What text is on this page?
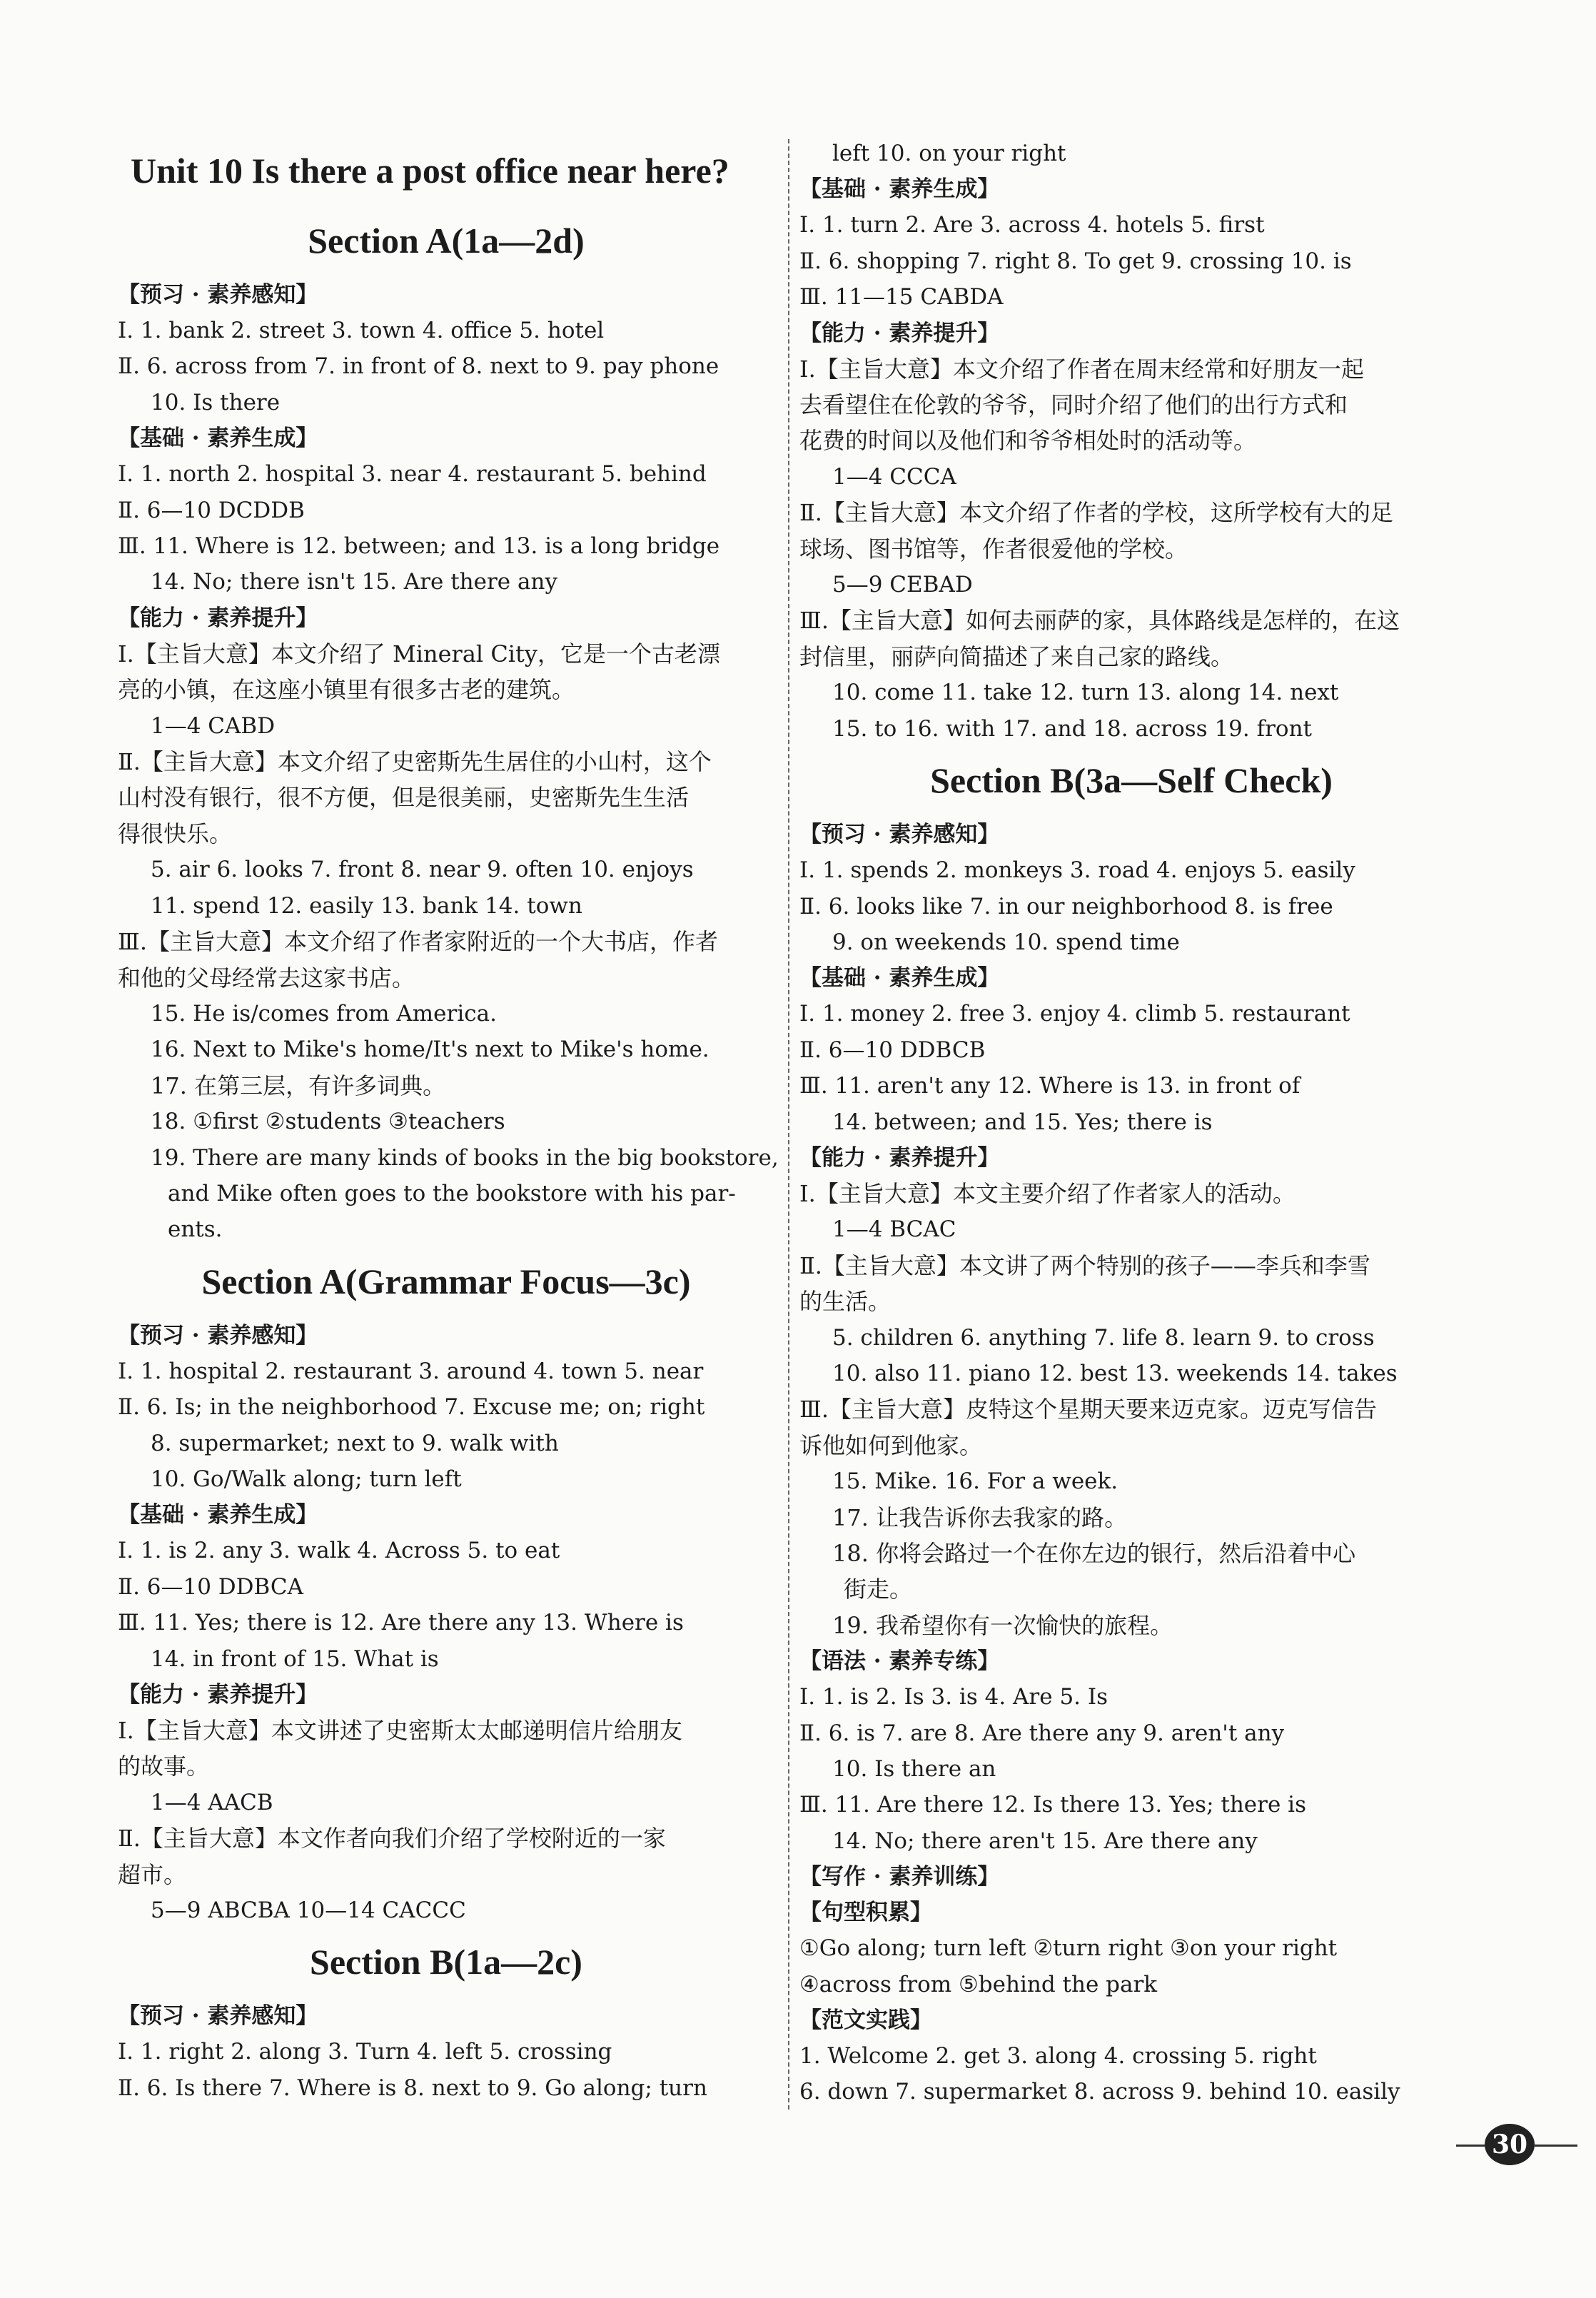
Unit 10 Is there a post office near here?
Section A(1a—2d)
【预习 · 素养感知】
Ⅰ. 1. bank 2. street 3. town 4. office 5. hotel
Ⅱ. 6. across from 7. in front of 8. next to 9. pay phone
10. Is there
【基础 · 素养生成】
Ⅰ. 1. north 2. hospital 3. near 4. restaurant 5. behind
Ⅱ. 6—10 DCDDB
Ⅲ. 11. Where is 12. between; and 13. is a long bridge
14. No; there isn't 15. Are there any
【能力 · 素养提升】
Ⅰ.【主旨大意】本文介绍了 Mineral City，它是一个古老漂
亮的小镇，在这座小镇里有很多古老的建筑。
1—4 CABD
Ⅱ.【主旨大意】本文介绍了史密斯先生居住的小山村，这个
山村没有银行，很不方便，但是很美丽，史密斯先生生活
得很快乐。
5. air 6. looks 7. front 8. near 9. often 10. enjoys
11. spend 12. easily 13. bank 14. town
Ⅲ.【主旨大意】本文介绍了作者家附近的一个大书店，作者
和他的父母经常去这家书店。
15. He is/comes from America.
16. Next to Mike's home/It's next to Mike's home.
17. 在第三层，有许多词典。
18. ①first ②students ③teachers
19. There are many kinds of books in the big bookstore,
and Mike often goes to the bookstore with his par-
ents.
Section A(Grammar Focus—3c)
【预习 · 素养感知】
Ⅰ. 1. hospital 2. restaurant 3. around 4. town 5. near
Ⅱ. 6. Is; in the neighborhood 7. Excuse me; on; right
8. supermarket; next to 9. walk with
10. Go/Walk along; turn left
【基础 · 素养生成】
Ⅰ. 1. is 2. any 3. walk 4. Across 5. to eat
Ⅱ. 6—10 DDBCA
Ⅲ. 11. Yes; there is 12. Are there any 13. Where is
14. in front of 15. What is
【能力 · 素养提升】
Ⅰ.【主旨大意】本文讲述了史密斯太太邮递明信片给朋友
的故事。
1—4 AACB
Ⅱ.【主旨大意】本文作者向我们介绍了学校附近的一家
超市。
5—9 ABCBA 10—14 CACCC
Section B(1a—2c)
【预习 · 素养感知】
Ⅰ. 1. right 2. along 3. Turn 4. left 5. crossing
Ⅱ. 6. Is there 7. Where is 8. next to 9. Go along; turn
left 10. on your right
【基础 · 素养生成】
Ⅰ. 1. turn 2. Are 3. across 4. hotels 5. first
Ⅱ. 6. shopping 7. right 8. To get 9. crossing 10. is
Ⅲ. 11—15 CABDA
【能力 · 素养提升】
Ⅰ.【主旨大意】本文介绍了作者在周末经常和好朋友一起
去看望住在伦敦的爷爷，同时介绍了他们的出行方式和
花费的时间以及他们和爷爷相处时的活动等。
1—4 CCCA
Ⅱ.【主旨大意】本文介绍了作者的学校，这所学校有大的足
球场、图书馆等，作者很爱他的学校。
5—9 CEBAD
Ⅲ.【主旨大意】如何去丽萨的家，具体路线是怎样的，在这
封信里，丽萨向简描述了来自己家的路线。
10. come 11. take 12. turn 13. along 14. next
15. to 16. with 17. and 18. across 19. front
Section B(3a—Self Check)
【预习 · 素养感知】
Ⅰ. 1. spends 2. monkeys 3. road 4. enjoys 5. easily
Ⅱ. 6. looks like 7. in our neighborhood 8. is free
9. on weekends 10. spend time
【基础 · 素养生成】
Ⅰ. 1. money 2. free 3. enjoy 4. climb 5. restaurant
Ⅱ. 6—10 DDBCB
Ⅲ. 11. aren't any 12. Where is 13. in front of
14. between; and 15. Yes; there is
【能力 · 素养提升】
Ⅰ.【主旨大意】本文主要介绍了作者家人的活动。
1—4 BCAC
Ⅱ.【主旨大意】本文讲了两个特别的孩子——李兵和李雪
的生活。
5. children 6. anything 7. life 8. learn 9. to cross
10. also 11. piano 12. best 13. weekends 14. takes
Ⅲ.【主旨大意】皮特这个星期天要来迈克家。迈克写信告
诉他如何到他家。
15. Mike. 16. For a week.
17. 让我告诉你去我家的路。
18. 你将会路过一个在你左边的银行，然后沿着中心
街走。
19. 我希望你有一次愉快的旅程。
【语法 · 素养专练】
Ⅰ. 1. is 2. Is 3. is 4. Are 5. Is
Ⅱ. 6. is 7. are 8. Are there any 9. aren't any
10. Is there an
Ⅲ. 11. Are there 12. Is there 13. Yes; there is
14. No; there aren't 15. Are there any
【写作 · 素养训练】
【句型积累】
①Go along; turn left ②turn right ③on your right
④across from ⑤behind the park
【范文实践】
1. Welcome 2. get 3. along 4. crossing 5. right
6. down 7. supermarket 8. across 9. behind 10. easily
30
